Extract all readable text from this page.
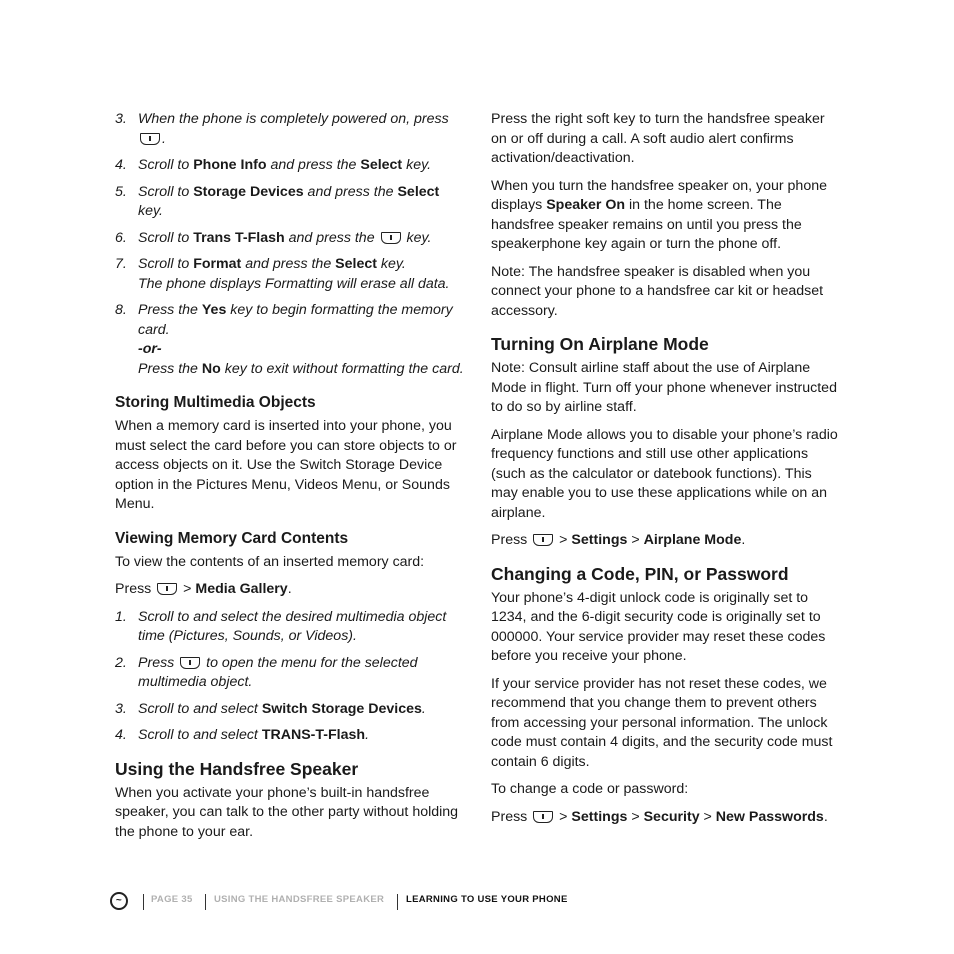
3. When the phone is completely powered on, press .
4. Scroll to Phone Info and press the Select key.
5. Scroll to Storage Devices and press the Select key.
6. Scroll to Trans T-Flash and press the  key.
7. Scroll to Format and press the Select key.
The phone displays Formatting will erase all data.
8. Press the Yes key to begin formatting the memory card.
-or-
Press the No key to exit without formatting the card.
Storing Multimedia Objects

When a memory card is inserted into your phone, you must select the card before you can store objects to or access objects on it. Use the Switch Storage Device option in the Pictures Menu, Videos Menu, or Sounds Menu.

Viewing Memory Card Contents

To view the contents of an inserted memory card:

Press > Media Gallery.

1. Scroll to and select the desired multimedia object time (Pictures, Sounds, or Videos).
2. Press  to open the menu for the selected multimedia object.
3. Scroll to and select Switch Storage Devices.
4. Scroll to and select TRANS-T-Flash.
Using the Handsfree Speaker

When you activate your phone’s built-in handsfree speaker, you can talk to the other party without holding the phone to your ear.

Press the right soft key to turn the handsfree speaker on or off during a call. A soft audio alert confirms activation/deactivation.

When you turn the handsfree speaker on, your phone displays Speaker On in the home screen. The handsfree speaker remains on until you press the speakerphone key again or turn the phone off.

Note: The handsfree speaker is disabled when you connect your phone to a handsfree car kit or headset accessory.

Turning On Airplane Mode

Note: Consult airline staff about the use of Airplane Mode in flight. Turn off your phone whenever instructed to do so by airline staff.

Airplane Mode allows you to disable your phone’s radio frequency functions and still use other applications (such as the calculator or datebook functions). This may enable you to use these applications while on an airplane.

Press > Settings > Airplane Mode.

Changing a Code, PIN, or Password

Your phone’s 4-digit unlock code is originally set to 1234, and the 6-digit security code is originally set to 000000. Your service provider may reset these codes before you receive your phone.

If your service provider has not reset these codes, we recommend that you change them to prevent others from accessing your personal information. The unlock code must contain 4 digits, and the security code must contain 6 digits.

To change a code or password:

Press > Settings > Security > New Passwords.

~	PAGE 35 USING THE HANDSFREE SPEAKER LEARNING TO USE YOUR PHONE
